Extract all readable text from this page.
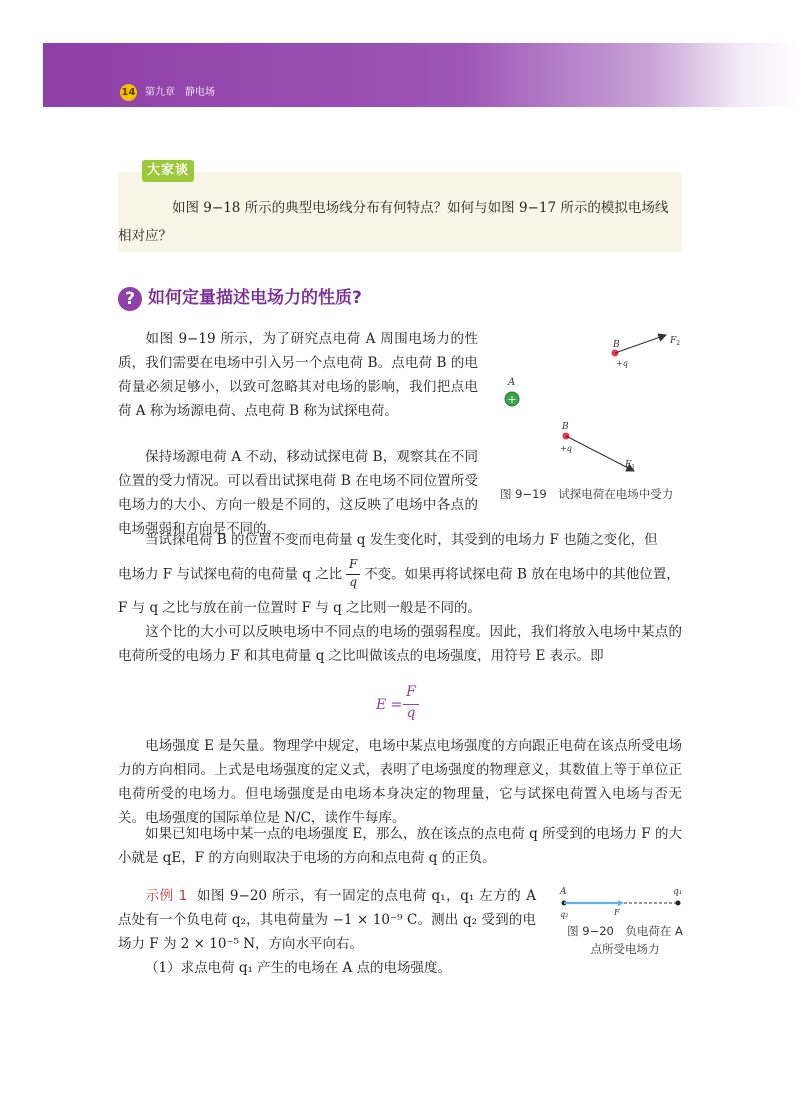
14 第九章　静电场
大家谈

如图 9−18 所示的典型电场线分布有何特点？如何与如图 9−17 所示的模拟电场线相对应？

? 如何定量描述电场力的性质?

如图 9−19 所示，为了研究点电荷 A 周围电场力的性质，我们需要在电场中引入另一个点电荷 B。点电荷 B 的电荷量必须足够小，以致可忽略其对电场的影响，我们把点电荷 A 称为场源电荷、点电荷 B 称为试探电荷。

保持场源电荷 A 不动，移动试探电荷 B，观察其在不同位置的受力情况。可以看出试探电荷 B 在电场不同位置所受电场力的大小、方向一般是不同的，这反映了电场中各点的电场强弱和方向是不同的。

A
+
B
+q
$F_2$
B
+q
$F_1$
图 9−19　试探电荷在电场中受力

当试探电荷 B 的位置不变而电荷量 q 发生变化时，其受到的电场力 F 也随之变化，但

电场力 F 与试探电荷的电荷量 q 之比 $\frac{F}{q}$ 不变。如果再将试探电荷 B 放在电场中的其他位置，

F 与 q 之比与放在前一位置时 F 与 q 之比则一般是不同的。

这个比的大小可以反映电场中不同点的电场的强弱程度。因此，我们将放入电场中某点的电荷所受的电场力 F 和其电荷量 q 之比叫做该点的电场强度，用符号 E 表示。即

E =
F
q

电场强度 E 是矢量。物理学中规定，电场中某点电场强度的方向跟正电荷在该点所受电场力的方向相同。上式是电场强度的定义式，表明了电场强度的物理意义，其数值上等于单位正电荷所受的电场力。但电场强度是由电场本身决定的物理量，它与试探电荷置入电场与否无关。电场强度的国际单位是 N/C，读作牛每库。

如果已知电场中某一点的电场强度 E，那么，放在该点的点电荷 q 所受到的电场力 F 的大小就是 qE，F 的方向则取决于电场的方向和点电荷 q 的正负。

示例 1 如图 9−20 所示，有一固定的点电荷 q₁，q₁ 左方的 A 点处有一个负电荷 q₂，其电荷量为 −1 × 10⁻⁹ C。测出 q₂ 受到的电场力 F 为 2 × 10⁻⁵ N，方向水平向右。

（1）求点电荷 q₁ 产生的电场在 A 点的电场强度。

A	q₁
q₂	F
图 9−20　负电荷在 A
点所受电场力
